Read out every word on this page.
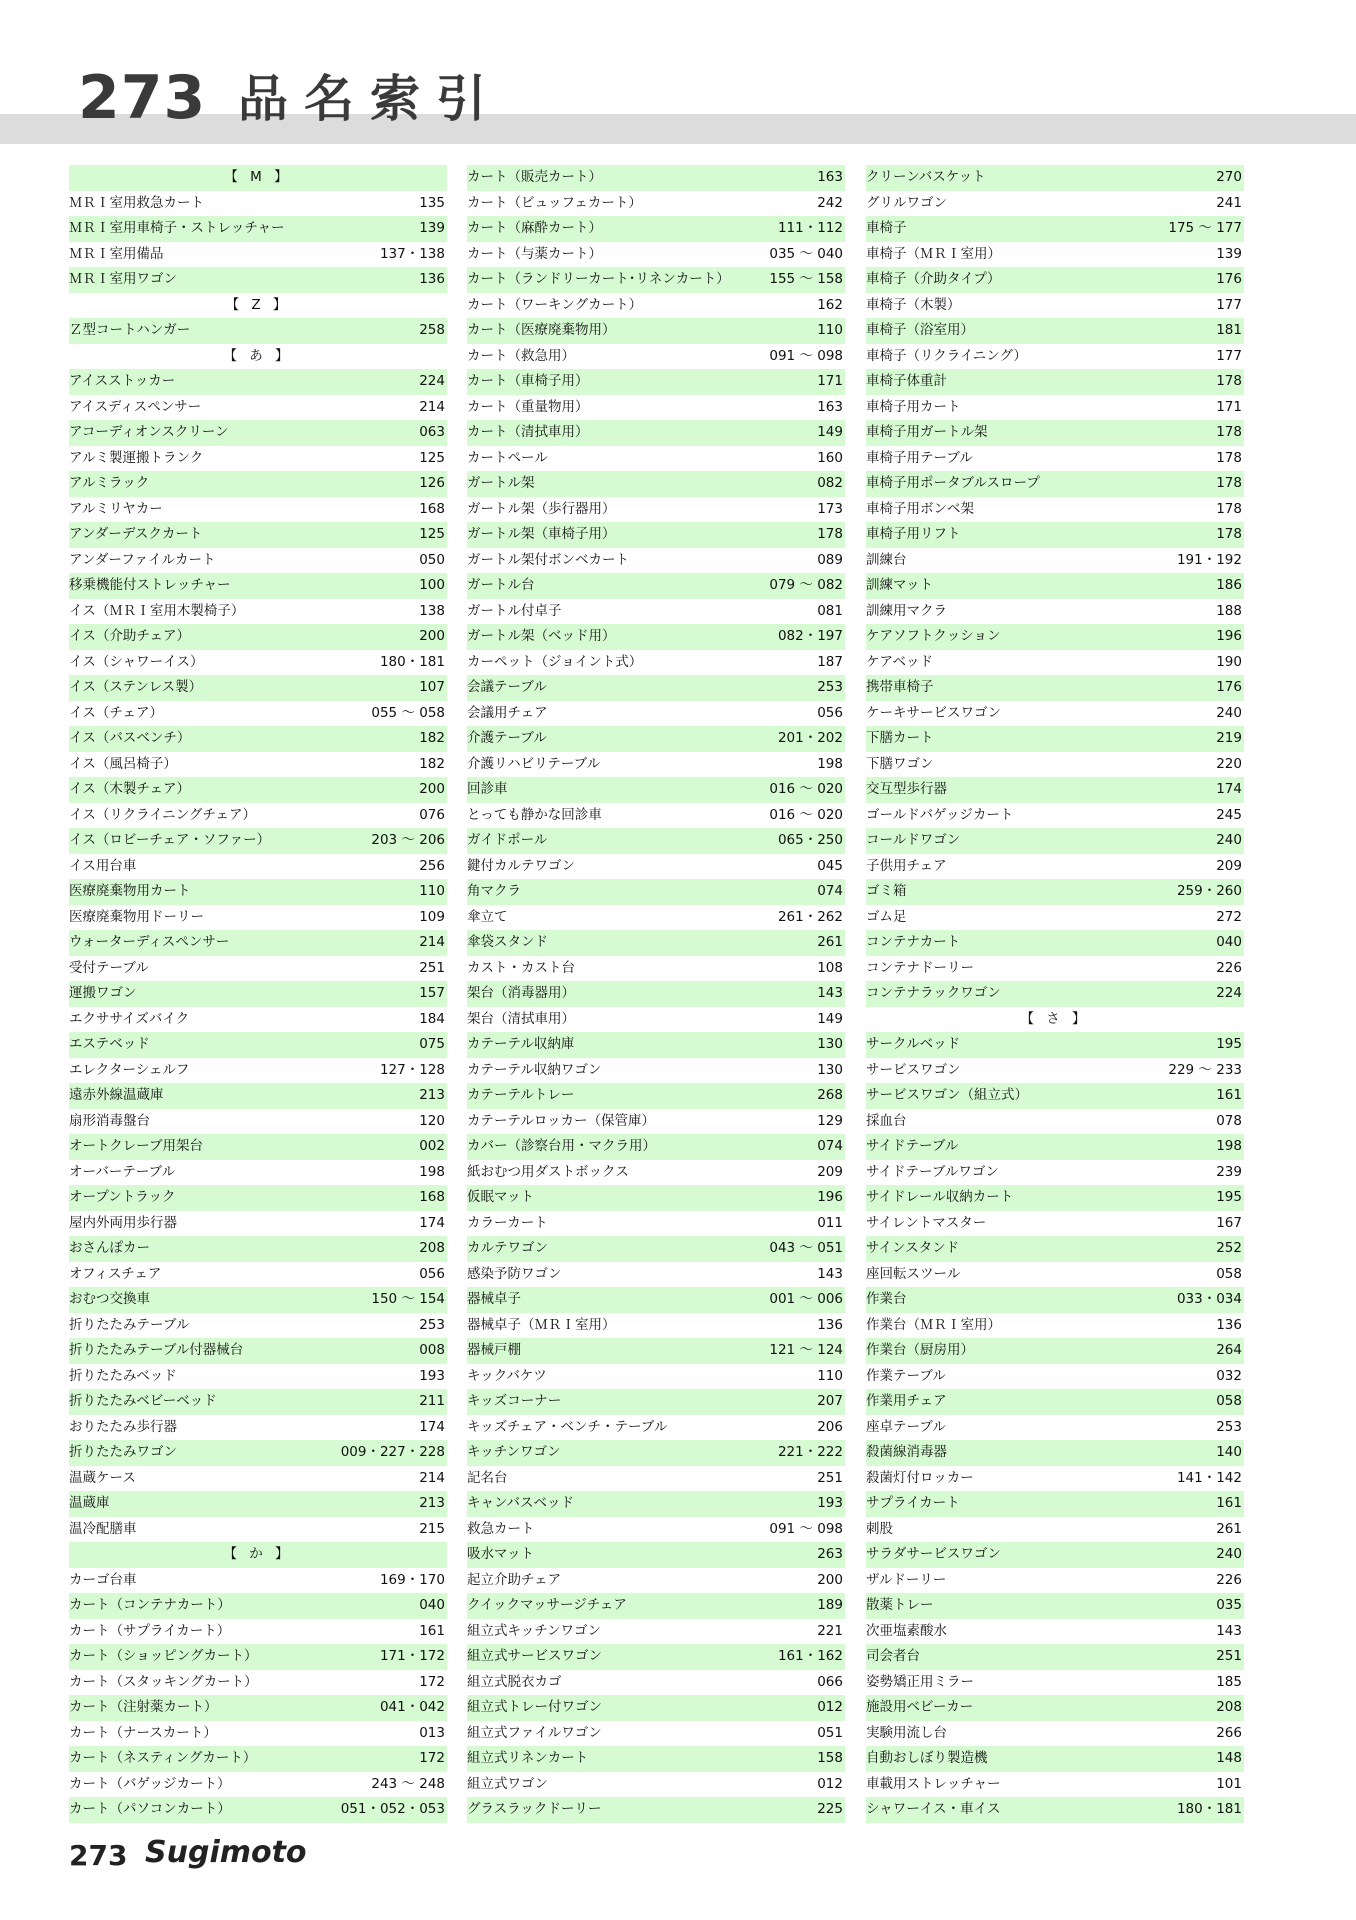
273 品名索引
【 M 】
ＭＲＩ室用救急カート	135
ＭＲＩ室用車椅子・ストレッチャー	139
ＭＲＩ室用備品	137・138
ＭＲＩ室用ワゴン	136
【 Z 】
Ｚ型コートハンガー	258
【 あ 】
アイスストッカー	224
アイスディスペンサー	214
アコーディオンスクリーン	063
アルミ製運搬トランク	125
アルミラック	126
アルミリヤカー	168
アンダーデスクカート	125
アンダーファイルカート	050
移乗機能付ストレッチャー	100
イス（ＭＲＩ室用木製椅子）	138
イス（介助チェア）	200
イス（シャワーイス）	180・181
イス（ステンレス製）	107
イス（チェア）	055 ～ 058
イス（バスベンチ）	182
イス（風呂椅子）	182
イス（木製チェア）	200
イス（リクライニングチェア）	076
イス（ロビーチェア・ソファー）	203 ～ 206
イス用台車	256
医療廃棄物用カート	110
医療廃棄物用ドーリー	109
ウォーターディスペンサー	214
受付テーブル	251
運搬ワゴン	157
エクササイズバイク	184
エステベッド	075
エレクターシェルフ	127・128
遠赤外線温蔵庫	213
扇形消毒盤台	120
オートクレーブ用架台	002
オーバーテーブル	198
オープントラック	168
屋内外両用歩行器	174
おさんぽカー	208
オフィスチェア	056
おむつ交換車	150 ～ 154
折りたたみテーブル	253
折りたたみテーブル付器械台	008
折りたたみベッド	193
折りたたみベビーベッド	211
おりたたみ歩行器	174
折りたたみワゴン	009・227・228
温蔵ケース	214
温蔵庫	213
温冷配膳車	215
【 か 】
カーゴ台車	169・170
カート（コンテナカート）	040
カート（サプライカート）	161
カート（ショッピングカート）	171・172
カート（スタッキングカート）	172
カート（注射薬カート）	041・042
カート（ナースカート）	013
カート（ネスティングカート）	172
カート（バゲッジカート）	243 ～ 248
カート（パソコンカート）	051・052・053
カート（販売カート）	163
カート（ビュッフェカート）	242
カート（麻酔カート）	111・112
カート（与薬カート）	035 ～ 040
カート（ランドリーカート･リネンカート）	155 ～ 158
カート（ワーキングカート）	162
カート（医療廃棄物用）	110
カート（救急用）	091 ～ 098
カート（車椅子用）	171
カート（重量物用）	163
カート（清拭車用）	149
カートペール	160
ガートル架	082
ガートル架（歩行器用）	173
ガートル架（車椅子用）	178
ガートル架付ボンベカート	089
ガートル台	079 ～ 082
ガートル付卓子	081
ガートル架（ベッド用）	082・197
カーペット（ジョイント式）	187
会議テーブル	253
会議用チェア	056
介護テーブル	201・202
介護リハビリテーブル	198
回診車	016 ～ 020
とっても静かな回診車	016 ～ 020
ガイドポール	065・250
鍵付カルテワゴン	045
角マクラ	074
傘立て	261・262
傘袋スタンド	261
カスト・カスト台	108
架台（消毒器用）	143
架台（清拭車用）	149
カテーテル収納庫	130
カテーテル収納ワゴン	130
カテーテルトレー	268
カテーテルロッカー（保管庫）	129
カバー（診察台用・マクラ用）	074
紙おむつ用ダストボックス	209
仮眠マット	196
カラーカート	011
カルテワゴン	043 ～ 051
感染予防ワゴン	143
器械卓子	001 ～ 006
器械卓子（ＭＲＩ室用）	136
器械戸棚	121 ～ 124
キックバケツ	110
キッズコーナー	207
キッズチェア・ベンチ・テーブル	206
キッチンワゴン	221・222
記名台	251
キャンバスベッド	193
救急カート	091 ～ 098
吸水マット	263
起立介助チェア	200
クイックマッサージチェア	189
組立式キッチンワゴン	221
組立式サービスワゴン	161・162
組立式脱衣カゴ	066
組立式トレー付ワゴン	012
組立式ファイルワゴン	051
組立式リネンカート	158
組立式ワゴン	012
グラスラックドーリー	225
クリーンバスケット	270
グリルワゴン	241
車椅子	175 ～ 177
車椅子（ＭＲＩ室用）	139
車椅子（介助タイプ）	176
車椅子（木製）	177
車椅子（浴室用）	181
車椅子（リクライニング）	177
車椅子体重計	178
車椅子用カート	171
車椅子用ガートル架	178
車椅子用テーブル	178
車椅子用ポータブルスロープ	178
車椅子用ボンベ架	178
車椅子用リフト	178
訓練台	191・192
訓練マット	186
訓練用マクラ	188
ケアソフトクッション	196
ケアベッド	190
携帯車椅子	176
ケーキサービスワゴン	240
下膳カート	219
下膳ワゴン	220
交互型歩行器	174
ゴールドバゲッジカート	245
コールドワゴン	240
子供用チェア	209
ゴミ箱	259・260
ゴム足	272
コンテナカート	040
コンテナドーリー	226
コンテナラックワゴン	224
【 さ 】
サークルベッド	195
サービスワゴン	229 ～ 233
サービスワゴン（組立式）	161
採血台	078
サイドテーブル	198
サイドテーブルワゴン	239
サイドレール収納カート	195
サイレントマスター	167
サインスタンド	252
座回転スツール	058
作業台	033・034
作業台（ＭＲＩ室用）	136
作業台（厨房用）	264
作業テーブル	032
作業用チェア	058
座卓テーブル	253
殺菌線消毒器	140
殺菌灯付ロッカー	141・142
サプライカート	161
刺股	261
サラダサービスワゴン	240
ザルドーリー	226
散薬トレー	035
次亜塩素酸水	143
司会者台	251
姿勢矯正用ミラー	185
施設用ベビーカー	208
実験用流し台	266
自動おしぼり製造機	148
車載用ストレッチャー	101
シャワーイス・車イス	180・181
273 Sugimoto
